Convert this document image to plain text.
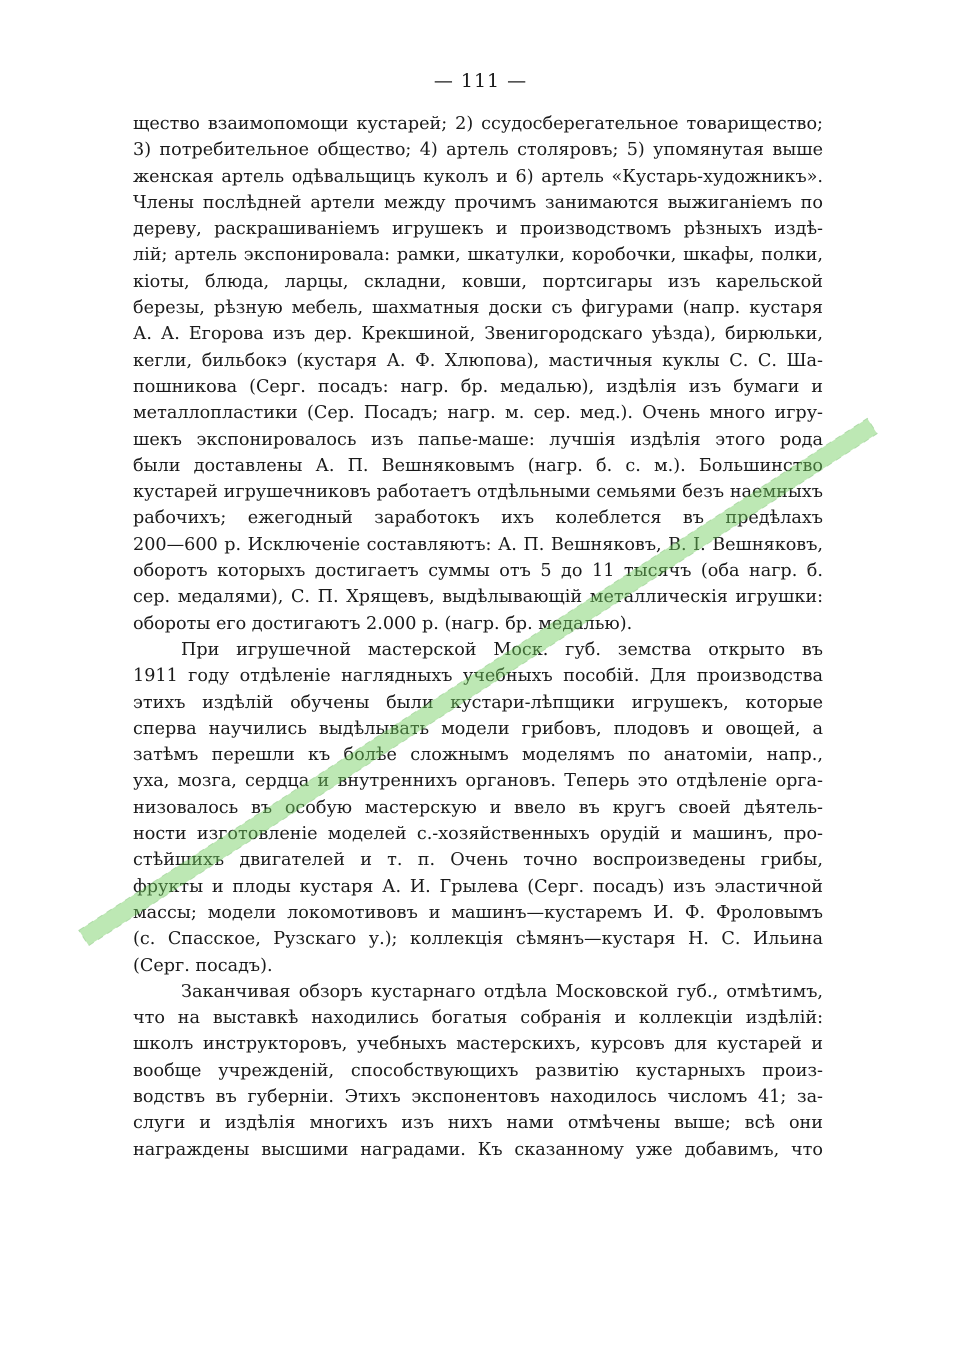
— 111 —

щество взаимопомощи кустарей; 2) ссудосберегательное товарищество;
3) потребительное общество; 4) артель столяровъ; 5) упомянутая выше
женская артель одѣвальщицъ куколъ и 6) артель «Кустарь-художникъ».
Члены послѣдней артели между прочимъ занимаются выжиганіемъ по
дереву, раскрашиваніемъ игрушекъ и производствомъ рѣзныхъ издѣ-
лій; артель экспонировала: рамки, шкатулки, коробочки, шкафы, полки,
кіоты, блюда, ларцы, складни, ковши, портсигары изъ карельской
березы, рѣзную мебель, шахматныя доски съ фигурами (напр. кустаря
А. А. Егорова изъ дер. Крекшиной, Звенигородскаго уѣзда), бирюльки,
кегли, бильбокэ (кустаря А. Ф. Хлюпова), мастичныя куклы С. С. Ша-
пошникова (Серг. посадъ: нагр. бр. медалью), издѣлія изъ бумаги и
металлопластики (Сер. Посадъ; нагр. м. сер. мед.). Очень много игру-
шекъ экспонировалось изъ папье-маше: лучшія издѣлія этого рода
были доставлены А. П. Вешняковымъ (нагр. б. с. м.). Большинство
кустарей игрушечниковъ работаетъ отдѣльными семьями безъ наемныхъ
рабочихъ; ежегодный заработокъ ихъ колеблется въ предѣлахъ
200—600 р. Исключеніе составляютъ: А. П. Вешняковъ, В. І. Вешняковъ,
оборотъ которыхъ достигаетъ суммы отъ 5 до 11 тысячъ (оба нагр. б.
сер. медалями), С. П. Хрящевъ, выдѣлывающій металлическія игрушки:
обороты его достигаютъ 2.000 р. (нагр. бр. медалью).

При игрушечной мастерской Моск. губ. земства открыто въ
1911 году отдѣленіе наглядныхъ учебныхъ пособій. Для производства
этихъ издѣлій обучены были кустари-лѣпщики игрушекъ, которые
сперва научились выдѣлывать модели грибовъ, плодовъ и овощей, а
затѣмъ перешли къ болѣе сложнымъ моделямъ по анатоміи, напр.,
уха, мозга, сердца и внутреннихъ органовъ. Теперь это отдѣленіе орга-
низовалось въ особую мастерскую и ввело въ кругъ своей дѣятель-
ности изготовленіе моделей с.-хозяйственныхъ орудій и машинъ, про-
стѣйшихъ двигателей и т. п. Очень точно воспроизведены грибы,
фрукты и плоды кустаря А. И. Грылева (Серг. посадъ) изъ эластичной
массы; модели локомотивовъ и машинъ—кустаремъ И. Ф. Фроловымъ
(с. Спасское, Рузскаго у.); коллекція сѣмянъ—кустаря Н. С. Ильина
(Серг. посадъ).

Заканчивая обзоръ кустарнаго отдѣла Московской губ., отмѣтимъ,
что на выставкѣ находились богатыя собранія и коллекціи издѣлій:
школъ инструкторовъ, учебныхъ мастерскихъ, курсовъ для кустарей и
вообще учрежденій, способствующихъ развитію кустарныхъ произ-
водствъ въ губерніи. Этихъ экспонентовъ находилось числомъ 41; за-
слуги и издѣлія многихъ изъ нихъ нами отмѣчены выше; всѣ они
награждены высшими наградами. Къ сказанному уже добавимъ, что
